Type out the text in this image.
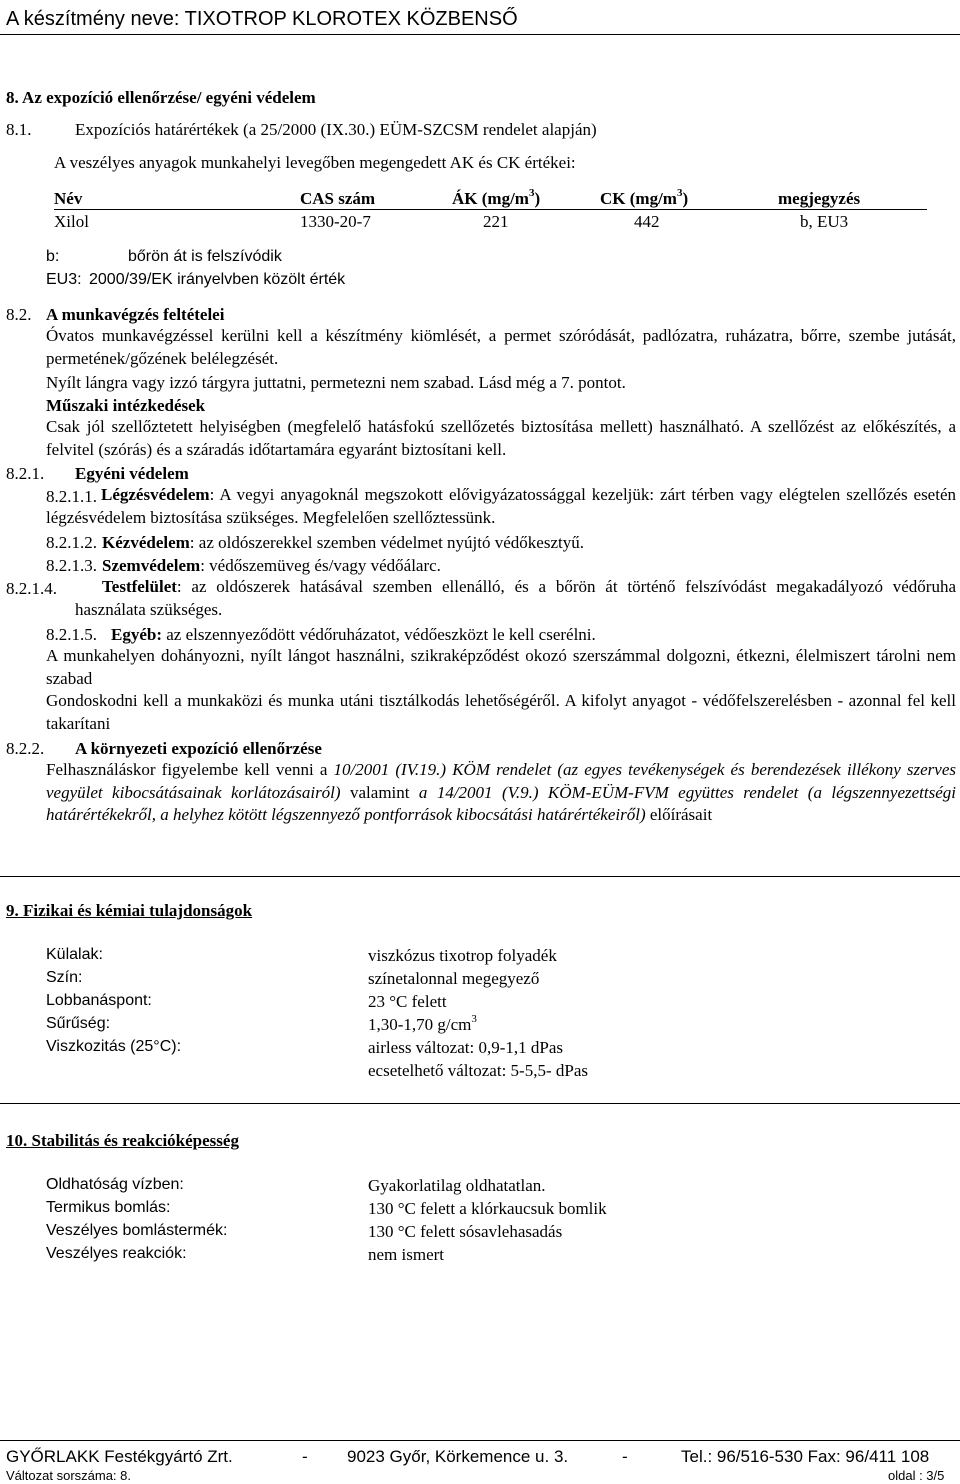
A készítmény neve: TIXOTROP KLOROTEX KÖZBENSŐ
8. Az expozíció ellenőrzése/ egyéni védelem
8.1.	Expozíciós határértékek (a 25/2000 (IX.30.) EÜM-SZCSM rendelet alapján)
A veszélyes anyagok munkahelyi levegőben megengedett AK és CK értékei:
Név	CAS szám	ÁK $(mg/m^3)$	CK $(mg/m^3)$	megjegyzés
Xilol	1330-20-7	221	442	b, EU3
b:	bőrön át is felszívódik
EU3: 2000/39/EK irányelvben közölt érték
8.2. A munkavégzés feltételei
Óvatos munkavégzéssel kerülni kell a készítmény kiömlését, a permet szóródását, padlózatra, ruházatra, bőrre, szembe jutását, permetének/gőzének belélegzését.
Nyílt lángra vagy izzó tárgyra juttatni, permetezni nem szabad. Lásd még a 7. pontot.
Műszaki intézkedések
Csak jól szellőztetett helyiségben (megfelelő hatásfokú szellőzetés biztosítása mellett) használható. A szellőzést az előkészítés, a felvitel (szórás) és a száradás időtartamára egyaránt biztosítani kell.
8.2.1. Egyéni védelem
8.2.1.1. Légzésvédelem: A vegyi anyagoknál megszokott elővigyázatossággal kezeljük: zárt térben vagy elégtelen szellőzés esetén légzésvédelem biztosítása szükséges. Megfelelően szellőztessünk.
8.2.1.2. Kézvédelem: az oldószerekkel szemben védelmet nyújtó védőkesztyű.
8.2.1.3. Szemvédelem: védőszemüveg és/vagy védőálarc.
8.2.1.4.	Testfelület: az oldószerek hatásával szemben ellenálló, és a bőrön át történő felszívódást megakadályozó védőruha használata szükséges.
8.2.1.5. Egyéb: az elszennyeződött védőruházatot, védőeszközt le kell cserélni.
A munkahelyen dohányozni, nyílt lángot használni, szikraképződést okozó szerszámmal dolgozni, étkezni, élelmiszert tárolni nem szabad
Gondoskodni kell a munkaközi és munka utáni tisztálkodás lehetőségéről. A kifolyt anyagot - védőfelszerelésben - azonnal fel kell takarítani
8.2.2. A környezeti expozíció ellenőrzése
Felhasználáskor figyelembe kell venni a 10/2001 (IV.19.) KÖM rendelet (az egyes tevékenységek és berendezések illékony szerves vegyület kibocsátásainak korlátozásairól) valamint a 14/2001 (V.9.) KÖM-EÜM-FVM együttes rendelet (a légszennyezettségi határértékekről, a helyhez kötött légszennyező pontforrások kibocsátási határértékeiről) előírásait
9. Fizikai és kémiai tulajdonságok
Külalak:	viszkózus tixotrop folyadék
Szín:	színetalonnal megegyező
Lobbanáspont:	23 °C felett
Sűrűség:	1,30-1,70 $g/cm^3$
Viszkozitás (25°C):	airless változat: 0,9-1,1 dPas
ecsetelhető változat: 5-5,5- dPas
10. Stabilitás és reakcióképesség
Oldhatóság vízben:	Gyakorlatilag oldhatatlan.
Termikus bomlás:	130 °C felett a klórkaucsuk bomlik
Veszélyes bomlástermék:	130 °C felett sósavlehasadás
Veszélyes reakciók:	nem ismert
GYŐRLAKK Festékgyártó Zrt.	- 9023 Győr, Körkemence u. 3.	-	Tel.: 96/516-530 Fax: 96/411 108
Változat sorszáma: 8.	oldal : 3/5
